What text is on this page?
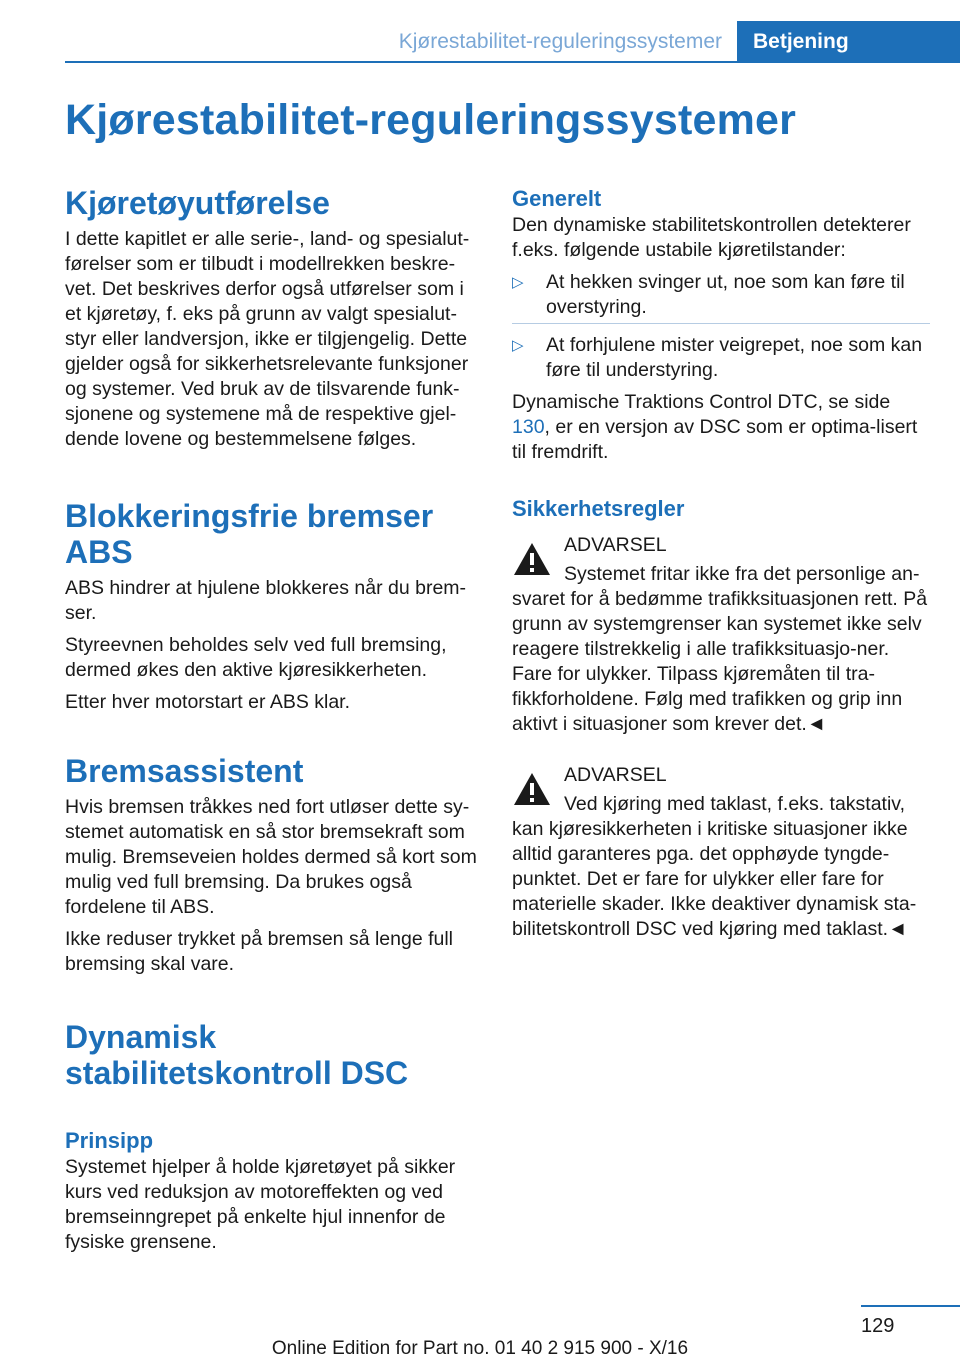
Kjørestabilitet-reguleringssystemer	Betjening
Kjørestabilitet-reguleringssystemer
Kjøretøyutførelse

I dette kapitlet er alle serie-, land- og spesialut-førelser som er tilbudt i modellrekken beskre-vet. Det beskrives derfor også utførelser som i et kjøretøy, f. eks på grunn av valgt spesialut-styr eller landversjon, ikke er tilgjengelig. Dette gjelder også for sikkerhetsrelevante funksjoner og systemer. Ved bruk av de tilsvarende funk-sjonene og systemene må de respektive gjel-dende lovene og bestemmelsene følges.

Blokkeringsfrie bremser ABS

ABS hindrer at hjulene blokkeres når du brem-ser.

Styreevnen beholdes selv ved full bremsing, dermed økes den aktive kjøresikkerheten.

Etter hver motorstart er ABS klar.

Bremsassistent

Hvis bremsen tråkkes ned fort utløser dette sy-stemet automatisk en så stor bremsekraft som mulig. Bremseveien holdes dermed så kort som mulig ved full bremsing. Da brukes også fordelene til ABS.

Ikke reduser trykket på bremsen så lenge full bremsing skal vare.

Dynamisk stabilitetskontroll DSC
Prinsipp

Systemet hjelper å holde kjøretøyet på sikker kurs ved reduksjon av motoreffekten og ved bremseinngrepet på enkelte hjul innenfor de fysiske grensene.

Generelt

Den dynamiske stabilitetskontrollen detekterer f.eks. følgende ustabile kjøretilstander:

▷ At hekken svinger ut, noe som kan føre til overstyring.
▷ At forhjulene mister veigrepet, noe som kan føre til understyring.

Dynamische Traktions Control DTC, se side 130, er en versjon av DSC som er optima-lisert til fremdrift.

Sikkerhetsregler
ADVARSEL

Systemet fritar ikke fra det personlige an-svaret for å bedømme trafikksituasjonen rett. På grunn av systemgrenser kan systemet ikke selv reagere tilstrekkelig i alle trafikksituasjo-ner. Fare for ulykker. Tilpass kjøremåten til tra-fikkforholdene. Følg med trafikken og grip inn aktivt i situasjoner som krever det.◄

ADVARSEL

Ved kjøring med taklast, f.eks. takstativ, kan kjøresikkerheten i kritiske situasjoner ikke alltid garanteres pga. det opphøyde tyngde-punktet. Det er fare for ulykker eller fare for materielle skader. Ikke deaktiver dynamisk sta-bilitetskontroll DSC ved kjøring med taklast.◄

129
Online Edition for Part no. 01 40 2 915 900 - X/16
